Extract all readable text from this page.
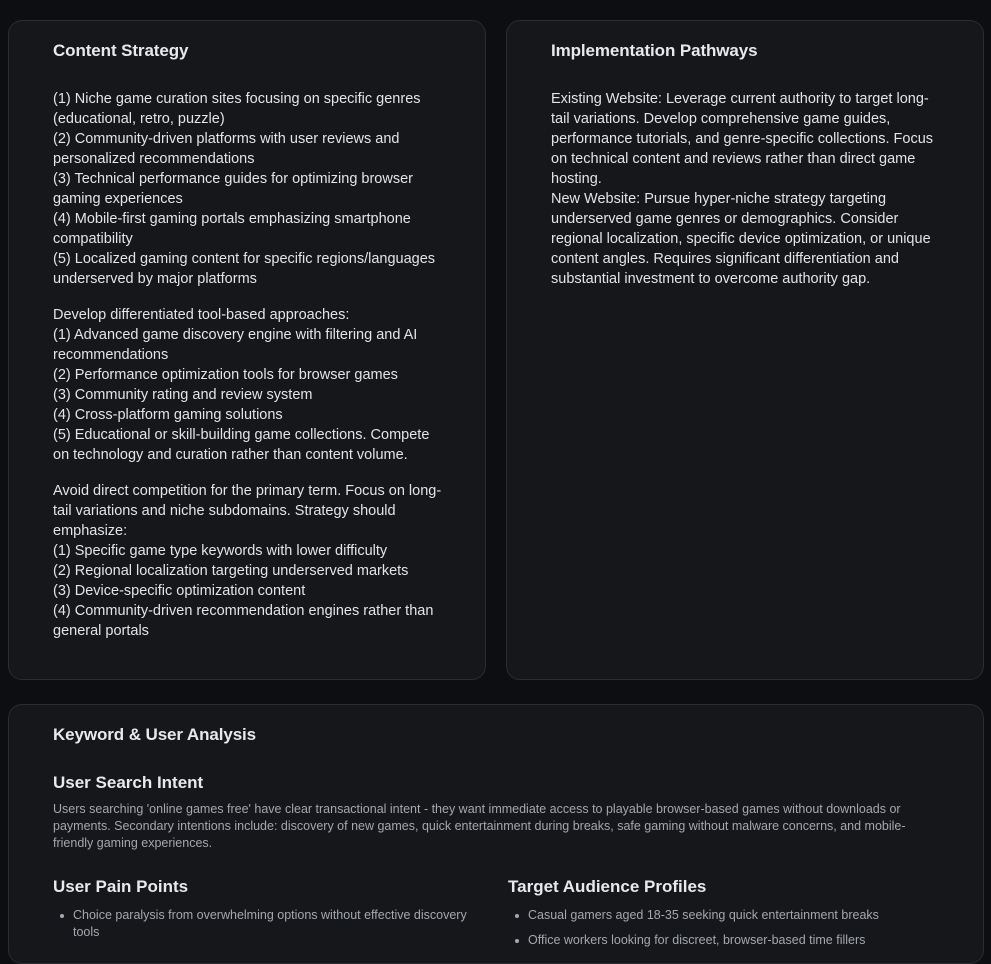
Content Strategy

(1) Niche game curation sites focusing on specific genres (educational, retro, puzzle)
(2) Community-driven platforms with user reviews and personalized recommendations
(3) Technical performance guides for optimizing browser gaming experiences
(4) Mobile-first gaming portals emphasizing smartphone compatibility
(5) Localized gaming content for specific regions/languages underserved by major platforms

Develop differentiated tool-based approaches:
(1) Advanced game discovery engine with filtering and AI recommendations
(2) Performance optimization tools for browser games
(3) Community rating and review system
(4) Cross-platform gaming solutions
(5) Educational or skill-building game collections. Compete on technology and curation rather than content volume.

Avoid direct competition for the primary term. Focus on long-tail variations and niche subdomains. Strategy should emphasize:
(1) Specific game type keywords with lower difficulty
(2) Regional localization targeting underserved markets
(3) Device-specific optimization content
(4) Community-driven recommendation engines rather than general portals

Implementation Pathways

Existing Website: Leverage current authority to target long-tail variations. Develop comprehensive game guides, performance tutorials, and genre-specific collections. Focus on technical content and reviews rather than direct game hosting.
New Website: Pursue hyper-niche strategy targeting underserved game genres or demographics. Consider regional localization, specific device optimization, or unique content angles. Requires significant differentiation and substantial investment to overcome authority gap.

Keyword & User Analysis
User Search Intent

Users searching 'online games free' have clear transactional intent - they want immediate access to playable browser-based games without downloads or payments. Secondary intentions include: discovery of new games, quick entertainment during breaks, safe gaming without malware concerns, and mobile-friendly gaming experiences.

User Pain Points
Choice paralysis from overwhelming options without effective discovery tools
Target Audience Profiles
Casual gamers aged 18-35 seeking quick entertainment breaks
Office workers looking for discreet, browser-based time fillers
